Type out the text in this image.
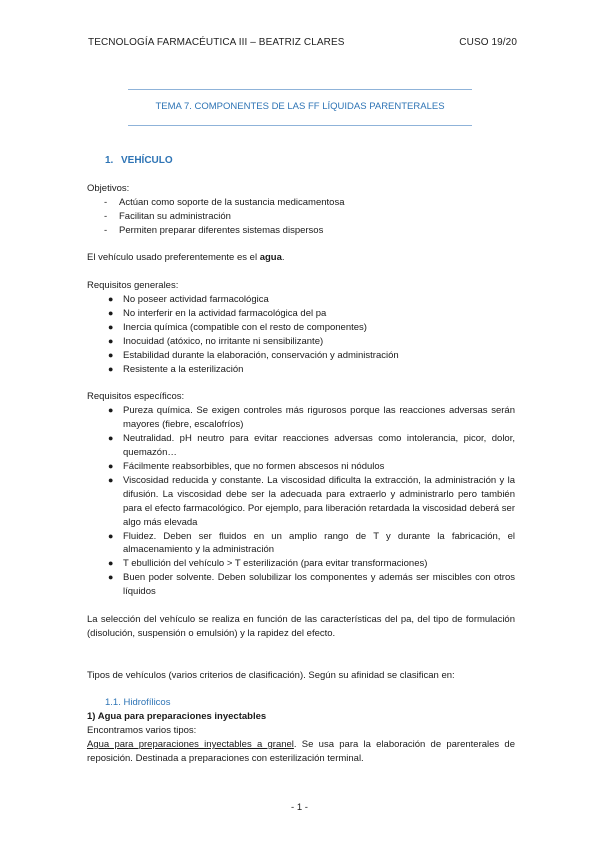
TECNOLOGÍA FARMACÉUTICA III – BEATRIZ CLARES	CUSO 19/20
TEMA 7. COMPONENTES DE LAS FF LÍQUIDAS PARENTERALES
1. VEHÍCULO

Objetivos:

- Actúan como soporte de la sustancia medicamentosa
- Facilitan su administración
- Permiten preparar diferentes sistemas dispersos

El vehículo usado preferentemente es el agua.

Requisitos generales:

● No poseer actividad farmacológica
● No interferir en la actividad farmacológica del pa
● Inercia química (compatible con el resto de componentes)
● Inocuidad (atóxico, no irritante ni sensibilizante)
● Estabilidad durante la elaboración, conservación y administración
● Resistente a la esterilización

Requisitos específicos:

● Pureza química. Se exigen controles más rigurosos porque las reacciones adversas serán mayores (fiebre, escalofríos)
● Neutralidad. pH neutro para evitar reacciones adversas como intolerancia, picor, dolor, quemazón…
● Fácilmente reabsorbibles, que no formen abscesos ni nódulos
● Viscosidad reducida y constante. La viscosidad dificulta la extracción, la administración y la difusión. La viscosidad debe ser la adecuada para extraerlo y administrarlo pero también para el efecto farmacológico. Por ejemplo, para liberación retardada la viscosidad deberá ser algo más elevada
● Fluidez. Deben ser fluidos en un amplio rango de T y durante la fabricación, el almacenamiento y la administración
● T ebullición del vehículo > T esterilización (para evitar transformaciones)
● Buen poder solvente. Deben solubilizar los componentes y además ser miscibles con otros líquidos

La selección del vehículo se realiza en función de las características del pa, del tipo de formulación (disolución, suspensión o emulsión) y la rapidez del efecto.

Tipos de vehículos (varios criterios de clasificación). Según su afinidad se clasifican en:

1.1. Hidrofílicos

1) Agua para preparaciones inyectables

Encontramos varios tipos:

Agua para preparaciones inyectables a granel. Se usa para la elaboración de parenterales de reposición. Destinada a preparaciones con esterilización terminal.

- 1 -
